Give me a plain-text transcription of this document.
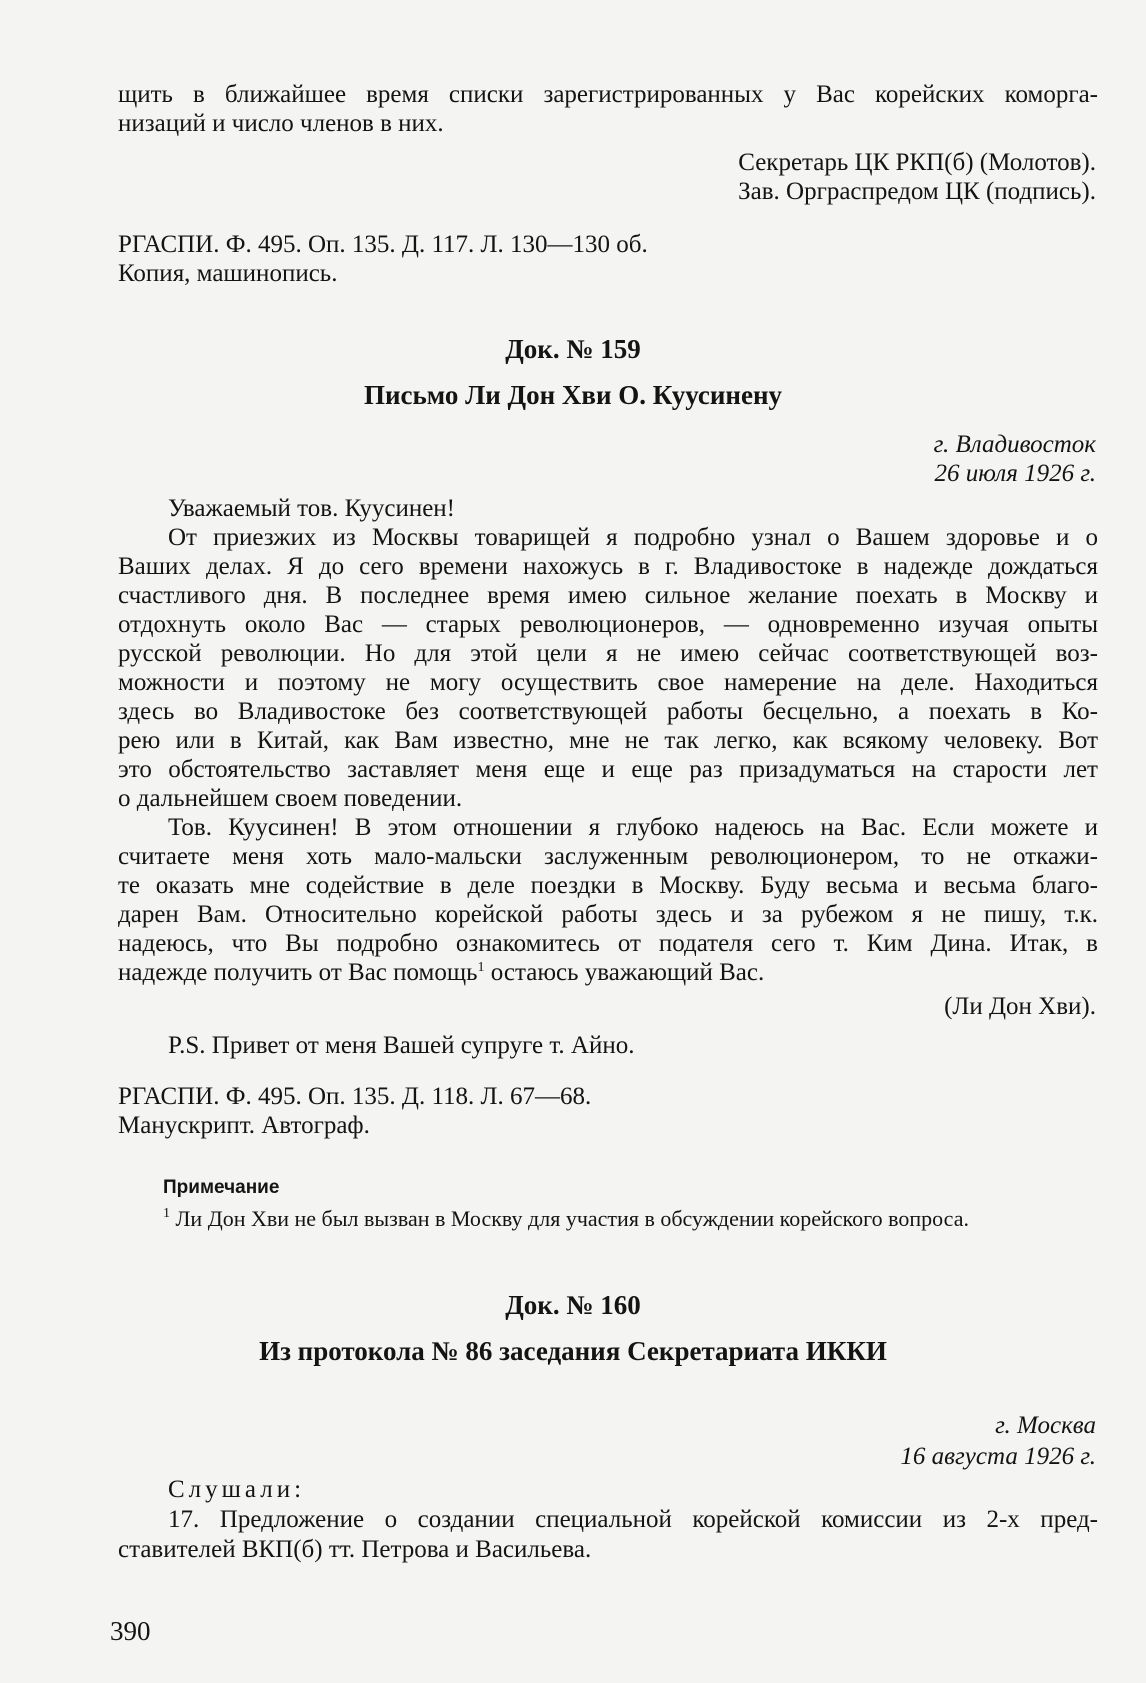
щить в ближайшее время списки зарегистрированных у Вас корейских коморга-
низаций и число членов в них.
Секретарь ЦК РКП(б) (Молотов).
Зав. Орграспредом ЦК (подпись).
РГАСПИ. Ф. 495. Оп. 135. Д. 117. Л. 130—130 об.
Копия, машинопись.
Док. № 159
Письмо Ли Дон Хви О. Куусинену
г. Владивосток
26 июля 1926 г.
Уважаемый тов. Куусинен!
От приезжих из Москвы товарищей я подробно узнал о Вашем здоровье и о
Ваших делах. Я до сего времени нахожусь в г. Владивостоке в надежде дождаться
счастливого дня. В последнее время имею сильное желание поехать в Москву и
отдохнуть около Вас — старых революционеров, — одновременно изучая опыты
русской революции. Но для этой цели я не имею сейчас соответствующей воз-
можности и поэтому не могу осуществить свое намерение на деле. Находиться
здесь во Владивостоке без соответствующей работы бесцельно, а поехать в Ко-
рею или в Китай, как Вам известно, мне не так легко, как всякому человеку. Вот
это обстоятельство заставляет меня еще и еще раз призадуматься на старости лет
о дальнейшем своем поведении.
Тов. Куусинен! В этом отношении я глубоко надеюсь на Вас. Если можете и
считаете меня хоть мало-мальски заслуженным революционером, то не откажи-
те оказать мне содействие в деле поездки в Москву. Буду весьма и весьма благо-
дарен Вам. Относительно корейской работы здесь и за рубежом я не пишу, т.к.
надеюсь, что Вы подробно ознакомитесь от подателя сего т. Ким Дина. Итак, в
надежде получить от Вас помощь$^1$ остаюсь уважающий Вас.
(Ли Дон Хви).
P.S. Привет от меня Вашей супруге т. Айно.
РГАСПИ. Ф. 495. Оп. 135. Д. 118. Л. 67—68.
Манускрипт. Автограф.
Примечание
$^1$ Ли Дон Хви не был вызван в Москву для участия в обсуждении корейского вопроса.
Док. № 160
Из протокола № 86 заседания Секретариата ИККИ
г. Москва
16 августа 1926 г.
Слушали:
17. Предложение о создании специальной корейской комиссии из 2-х пред-
ставителей ВКП(б) тт. Петрова и Васильева.
390
